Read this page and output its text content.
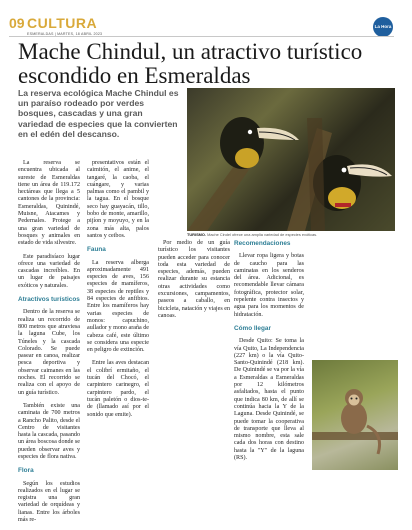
09 CULTURA
ESMERALDAS | MARTES, 18 ABRIL 2023
La Hora
Mache Chindul, un atractivo turístico escondido en Esmeraldas

La reserva ecológica Mache Chindul es un paraíso rodeado por verdes bosques, cascadas y una gran variedad de especies que la convierten en el edén del descanso.

TURISMO. Mache Cindel ofrece una amplia variedad de especies exóticas.

La reserva se encuentra ubicada al sureste de Esmeraldas tiene un área de 119.172 hectáreas que llega a 5 cantones de la provincia: Esmeraldas, Quinindé, Muisne, Atacames y Pedernales. Protege a una gran variedad de bosques y animales en estado de vida silvestre.

Este paradisíaco lugar ofrece una variedad de cascadas increíbles. En un lugar de paisajes exóticos y naturales.

Atractivos turísticos

Dentro de la reserva se realiza un recorrido de 800 metros que atraviesa la laguna Cube, los Túneles y la cascada Colorado. Se puede pasear en canoa, realizar pesca deportiva y observar caimanes en las noches. El recorrido se realiza con el apoyo de un guía turístico.

También existe una caminata de 700 metros a Rancho Palito, desde el Centro de visitantes hasta la cascada, pasando un área boscosa donde se pueden observar aves y especies de flora nativa.

Flora

Según los estudios realizados en el lugar se registra una gran variedad de orquídeas y lianas. Entre los árboles más re-

presentativos están el caimitón, el anime, el tangaré, la caoba, el cuángare, y varias palmas como el pambil y la tagua. En el bosque seco hay guayacán, tillo, bobo de monte, amarillo, pijíon y moyuyo, y en la zona más alta, palos santos y ceibos.

Fauna

La reserva alberga aproximadamente 491 especies de aves, 156 especies de mamíferos, 38 especies de reptiles y 84 especies de anfibios. Entre los mamíferos hay varias especies de monos: capuchino, aullador y mono araña de cabeza café, este último se considera una especie en peligro de extinción.

Entre las aves destacan el colibrí ermitaño, el tucán del Chocó, el carpintero carinegro, el carpintero pardo, el tucán paletón o dios-te-de (llamado así por el sonido que emite).

Por medio de un guía turístico los visitantes pueden acceder para conocer toda esta variedad de especies, además, pueden realizar durante su estancia otras actividades como excursiones, campamentos, paseos a caballo, en bicicleta, natación y viajes en canoas.

Recomendaciones

Llevar ropa ligera y botas de caucho para las caminatas en los senderos del área. Adicional, es recomendable llevar cámara fotográfica, protector solar, repelente contra insectos y agua para los momentos de hidratación.

Cómo llegar

Desde Quito: Se toma la vía Quito, La Independencia (227 km) o la vía Quito-Santo-Quinindé (218 km). De Quinindé se va por la vía a Esmeraldas a Esmeraldas por 12 kilómetros asfaltados, hasta el punto que indica 80 km, de allí se continúa hacia la Y de la Laguna. Desde Quinindé, se puede tomar la cooperativa de transporte que lleva al mismo nombre, esta sale cada dos horas con destino hasta la "Y" de la laguna (RS).
